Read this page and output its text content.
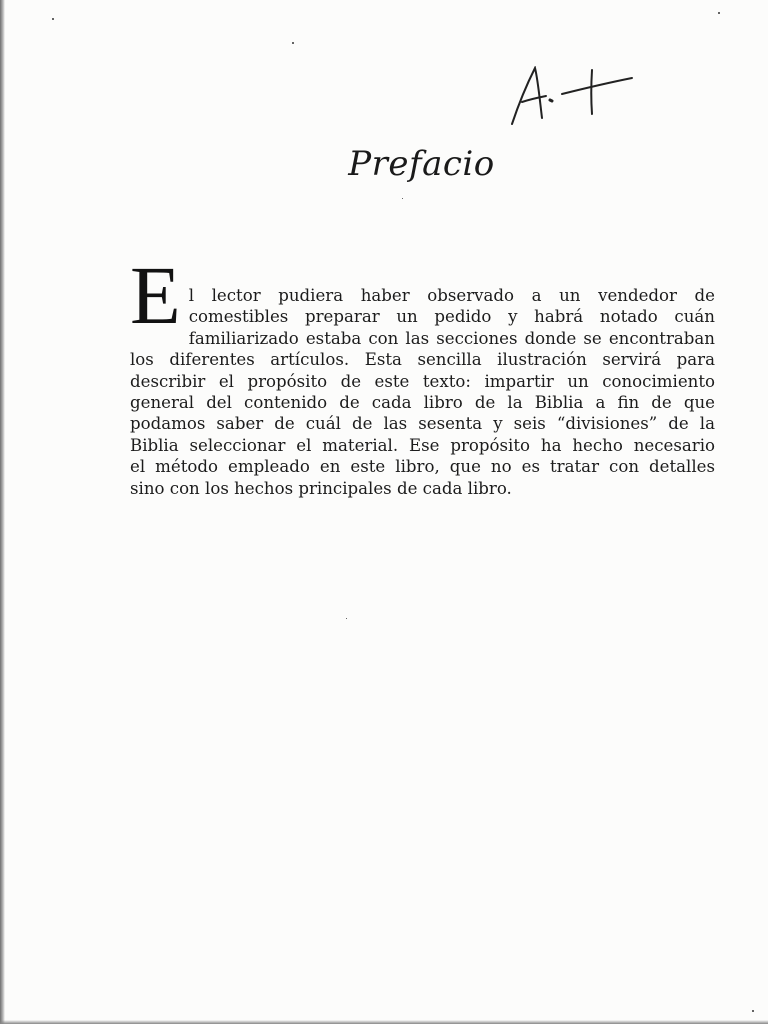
Prefacio
E l lector pudiera haber observado a un vendedor de
comestibles preparar un pedido y habrá notado cuán
familiarizado estaba con las secciones donde se encontraban
los diferentes artículos. Esta sencilla ilustración servirá para
describir el propósito de este texto: impartir un conocimiento
general del contenido de cada libro de la Biblia a fin de que
podamos saber de cuál de las sesenta y seis “divisiones” de la
Biblia seleccionar el material. Ese propósito ha hecho necesario
el método empleado en este libro, que no es tratar con detalles
sino con los hechos principales de cada libro.
